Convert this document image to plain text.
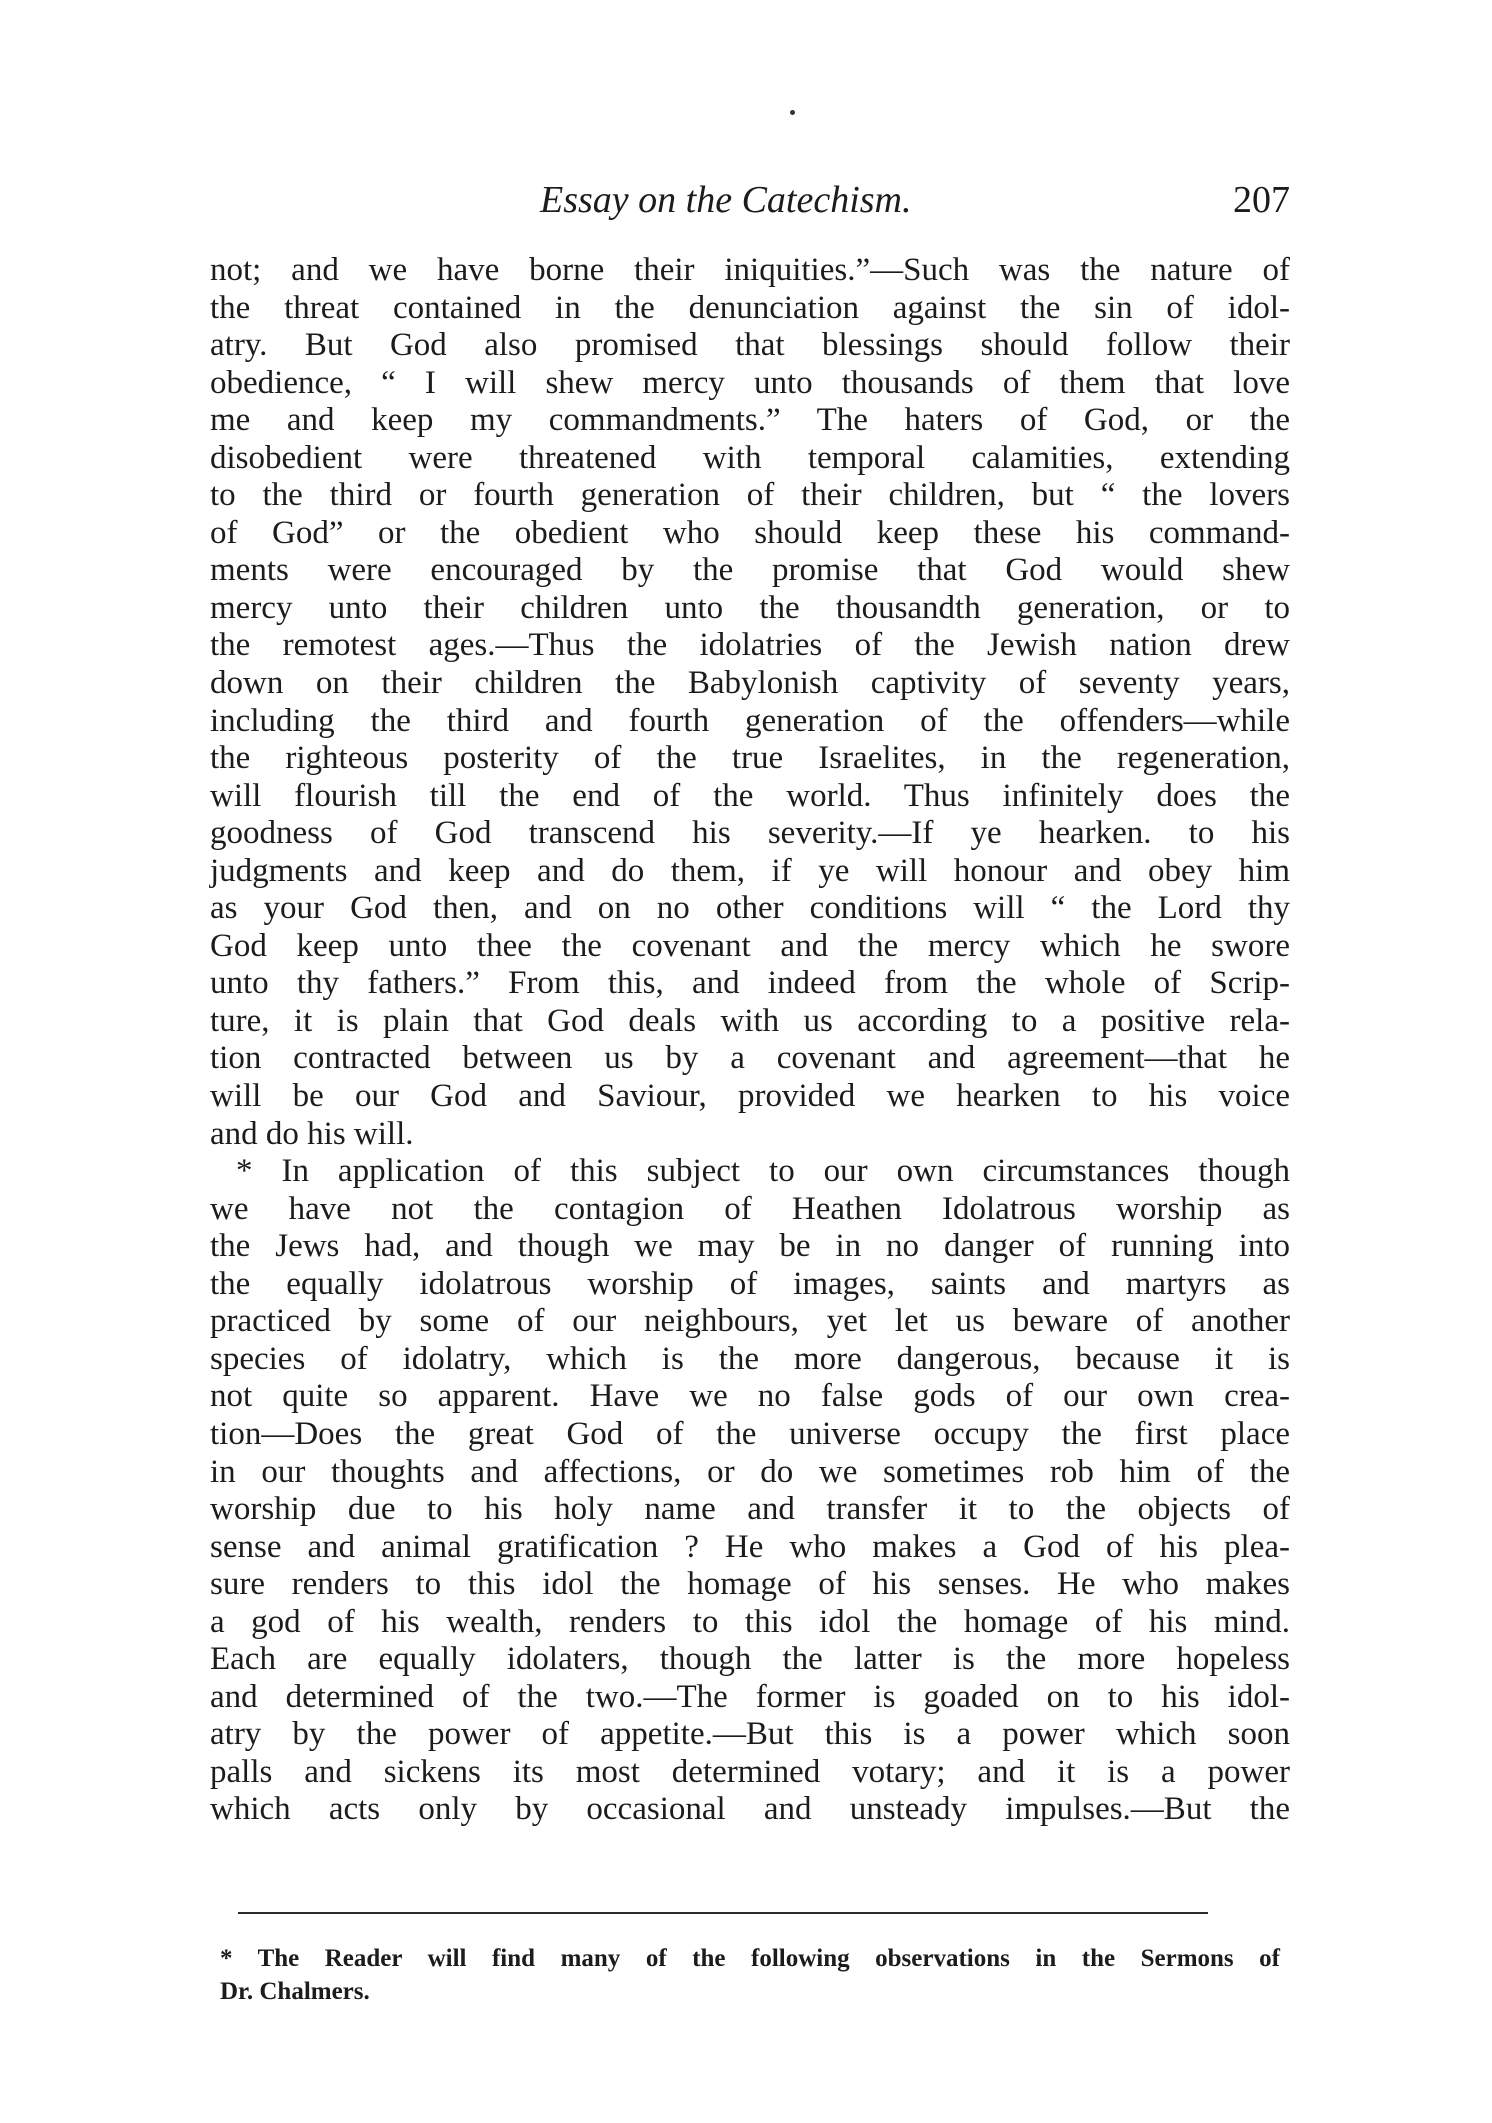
Essay on the Catechism.	207
not; and we have borne their iniquities.”—Such was the nature of
the threat contained in the denunciation against the sin of idol-
atry. But God also promised that blessings should follow their
obedience, “ I will shew mercy unto thousands of them that love
me and keep my commandments.” The haters of God, or the
disobedient were threatened with temporal calamities, extending
to the third or fourth generation of their children, but “ the lovers
of God” or the obedient who should keep these his command-
ments were encouraged by the promise that God would shew
mercy unto their children unto the thousandth generation, or to
the remotest ages.—Thus the idolatries of the Jewish nation drew
down on their children the Babylonish captivity of seventy years,
including the third and fourth generation of the offenders—while
the righteous posterity of the true Israelites, in the regeneration,
will flourish till the end of the world. Thus infinitely does the
goodness of God transcend his severity.—If ye hearken. to his
judgments and keep and do them, if ye will honour and obey him
as your God then, and on no other conditions will “ the Lord thy
God keep unto thee the covenant and the mercy which he swore
unto thy fathers.” From this, and indeed from the whole of Scrip-
ture, it is plain that God deals with us according to a positive rela-
tion contracted between us by a covenant and agreement—that he
will be our God and Saviour, provided we hearken to his voice
and do his will.
* In application of this subject to our own circumstances though
we have not the contagion of Heathen Idolatrous worship as
the Jews had, and though we may be in no danger of running into
the equally idolatrous worship of images, saints and martyrs as
practiced by some of our neighbours, yet let us beware of another
species of idolatry, which is the more dangerous, because it is
not quite so apparent. Have we no false gods of our own crea-
tion—Does the great God of the universe occupy the first place
in our thoughts and affections, or do we sometimes rob him of the
worship due to his holy name and transfer it to the objects of
sense and animal gratification ? He who makes a God of his plea-
sure renders to this idol the homage of his senses. He who makes
a god of his wealth, renders to this idol the homage of his mind.
Each are equally idolaters, though the latter is the more hopeless
and determined of the two.—The former is goaded on to his idol-
atry by the power of appetite.—But this is a power which soon
palls and sickens its most determined votary; and it is a power
which acts only by occasional and unsteady impulses.—But the
* The Reader will find many of the following observations in the Sermons of
Dr. Chalmers.
